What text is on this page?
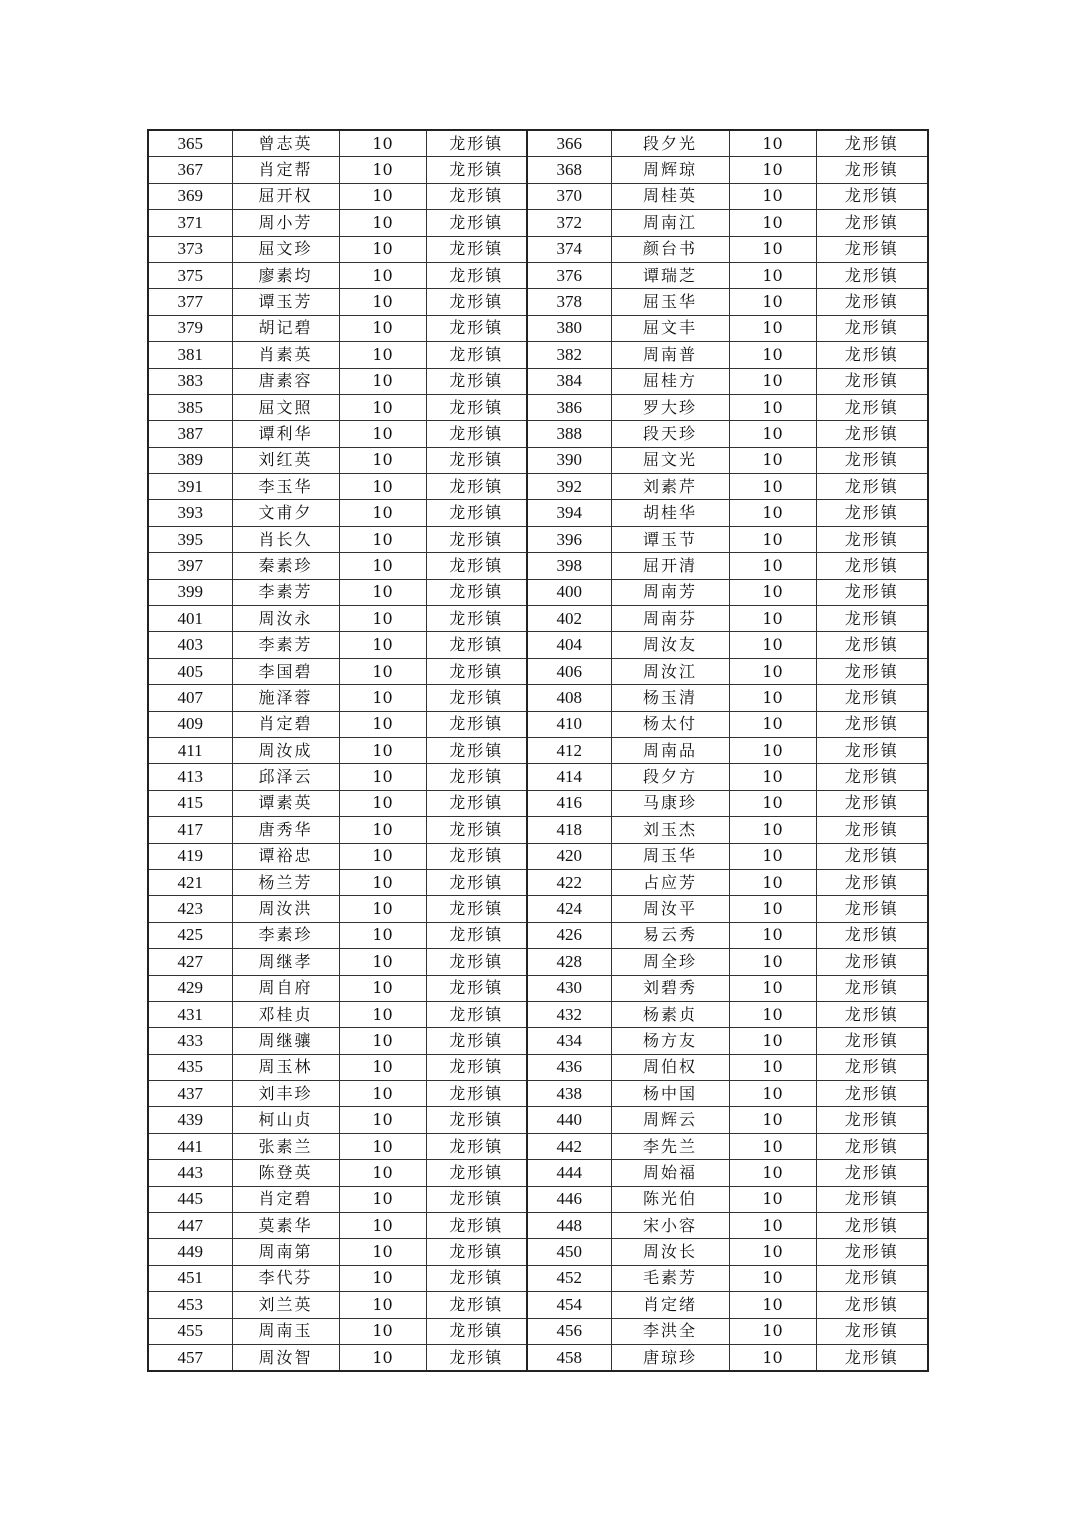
365	曾志英	10	龙形镇	366	段夕光	10	龙形镇
367	肖定帮	10	龙形镇	368	周辉琼	10	龙形镇
369	屈开权	10	龙形镇	370	周桂英	10	龙形镇
371	周小芳	10	龙形镇	372	周南江	10	龙形镇
373	屈文珍	10	龙形镇	374	颜台书	10	龙形镇
375	廖素均	10	龙形镇	376	谭瑞芝	10	龙形镇
377	谭玉芳	10	龙形镇	378	屈玉华	10	龙形镇
379	胡记碧	10	龙形镇	380	屈文丰	10	龙形镇
381	肖素英	10	龙形镇	382	周南普	10	龙形镇
383	唐素容	10	龙形镇	384	屈桂方	10	龙形镇
385	屈文照	10	龙形镇	386	罗大珍	10	龙形镇
387	谭利华	10	龙形镇	388	段天珍	10	龙形镇
389	刘红英	10	龙形镇	390	屈文光	10	龙形镇
391	李玉华	10	龙形镇	392	刘素芹	10	龙形镇
393	文甫夕	10	龙形镇	394	胡桂华	10	龙形镇
395	肖长久	10	龙形镇	396	谭玉节	10	龙形镇
397	秦素珍	10	龙形镇	398	屈开清	10	龙形镇
399	李素芳	10	龙形镇	400	周南芳	10	龙形镇
401	周汝永	10	龙形镇	402	周南芬	10	龙形镇
403	李素芳	10	龙形镇	404	周汝友	10	龙形镇
405	李国碧	10	龙形镇	406	周汝江	10	龙形镇
407	施泽蓉	10	龙形镇	408	杨玉清	10	龙形镇
409	肖定碧	10	龙形镇	410	杨太付	10	龙形镇
411	周汝成	10	龙形镇	412	周南品	10	龙形镇
413	邱泽云	10	龙形镇	414	段夕方	10	龙形镇
415	谭素英	10	龙形镇	416	马康珍	10	龙形镇
417	唐秀华	10	龙形镇	418	刘玉杰	10	龙形镇
419	谭裕忠	10	龙形镇	420	周玉华	10	龙形镇
421	杨兰芳	10	龙形镇	422	占应芳	10	龙形镇
423	周汝洪	10	龙形镇	424	周汝平	10	龙形镇
425	李素珍	10	龙形镇	426	易云秀	10	龙形镇
427	周继孝	10	龙形镇	428	周全珍	10	龙形镇
429	周自府	10	龙形镇	430	刘碧秀	10	龙形镇
431	邓桂贞	10	龙形镇	432	杨素贞	10	龙形镇
433	周继骧	10	龙形镇	434	杨方友	10	龙形镇
435	周玉林	10	龙形镇	436	周伯权	10	龙形镇
437	刘丰珍	10	龙形镇	438	杨中国	10	龙形镇
439	柯山贞	10	龙形镇	440	周辉云	10	龙形镇
441	张素兰	10	龙形镇	442	李先兰	10	龙形镇
443	陈登英	10	龙形镇	444	周始福	10	龙形镇
445	肖定碧	10	龙形镇	446	陈光伯	10	龙形镇
447	莫素华	10	龙形镇	448	宋小容	10	龙形镇
449	周南第	10	龙形镇	450	周汝长	10	龙形镇
451	李代芬	10	龙形镇	452	毛素芳	10	龙形镇
453	刘兰英	10	龙形镇	454	肖定绪	10	龙形镇
455	周南玉	10	龙形镇	456	李洪全	10	龙形镇
457	周汝智	10	龙形镇	458	唐琼珍	10	龙形镇
